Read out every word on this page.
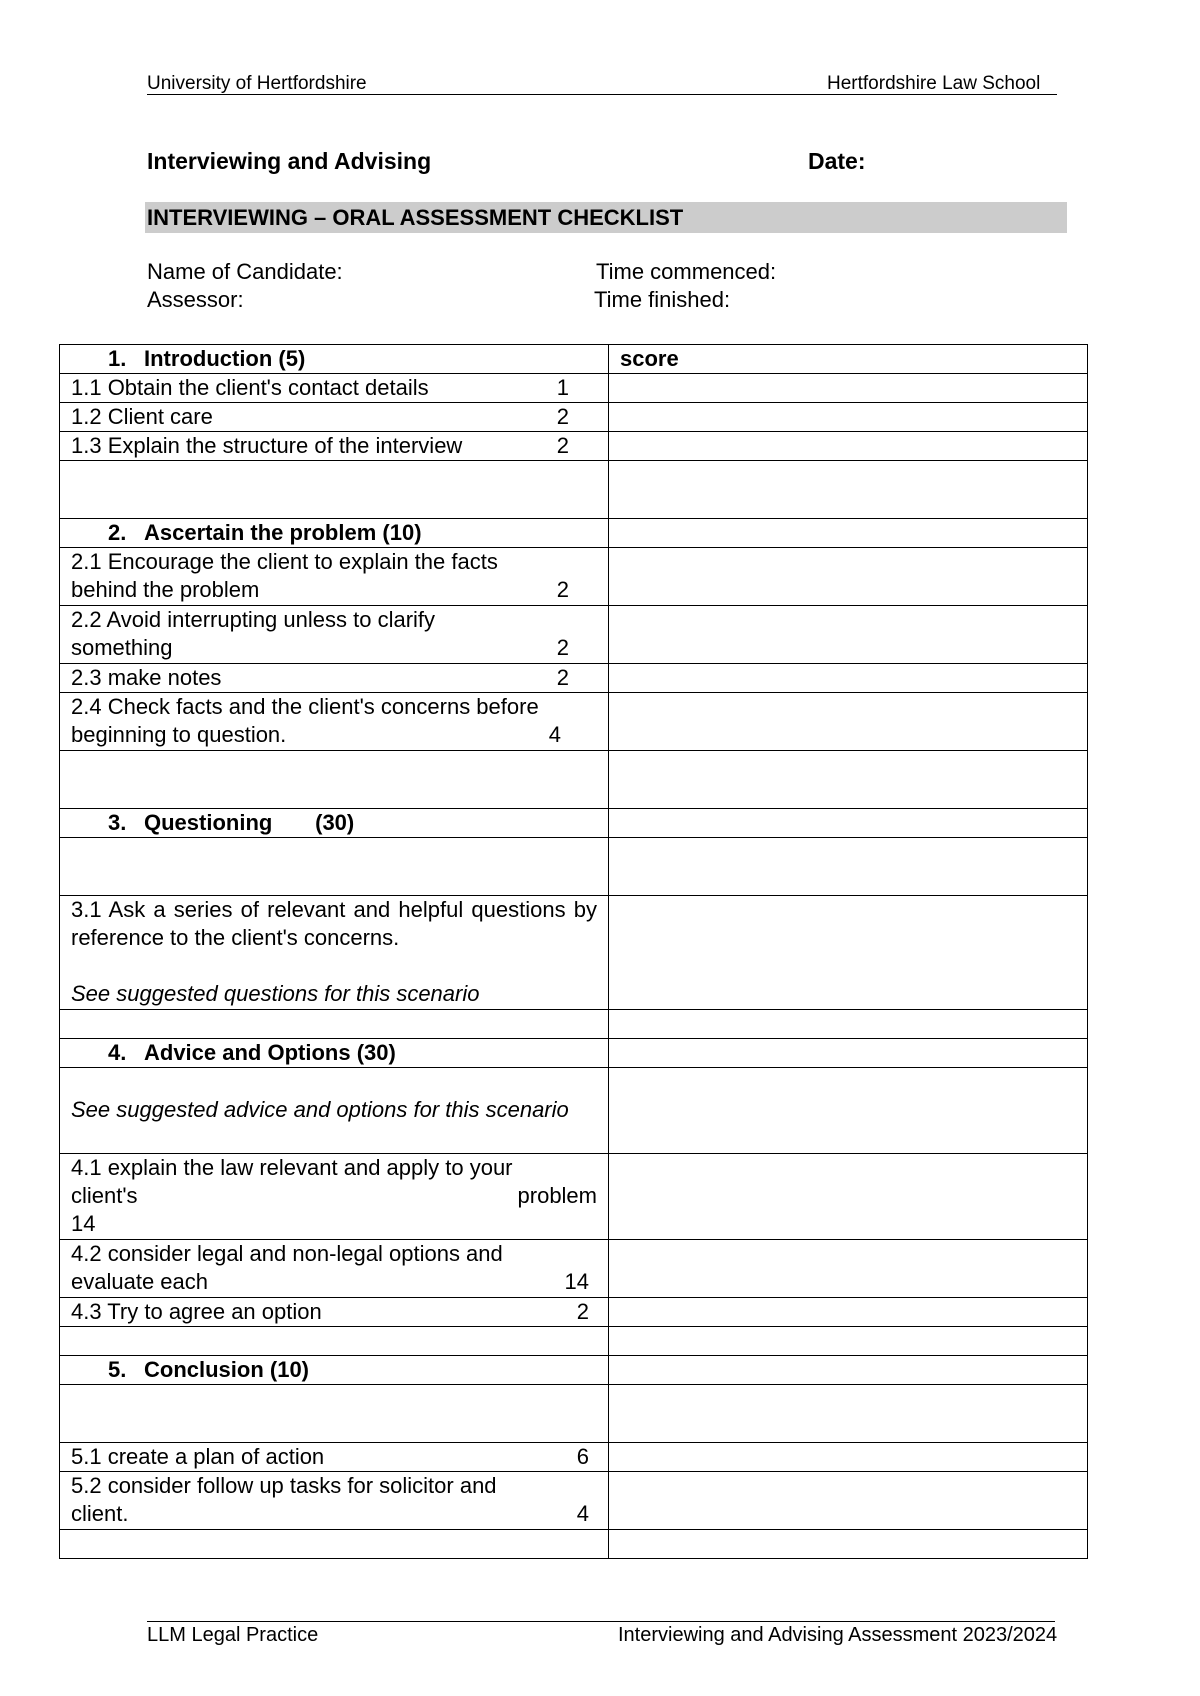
University of Hertfordshire	Hertfordshire Law School
Interviewing and Advising	Date:
INTERVIEWING – ORAL ASSESSMENT CHECKLIST
Name of Candidate:
Assessor:
Time commenced:
Time finished:
1. Introduction (5)	score

1.1 Obtain the client's contact details 1	

1.2 Client care 2	

1.3 Explain the structure of the interview 2	

2. Ascertain the problem (10)	

2.1 Encourage the client to explain the facts
behind the problem 2	

2.2 Avoid interrupting unless to clarify
something 2	

2.3 make notes 2	

2.4 Check facts and the client's concerns before
beginning to question. 4	

3. Questioning       (30)	

3.1 Ask a series of relevant and helpful questions by reference to the client's concerns.
See suggested questions for this scenario	

4. Advice and Options (30)	

See suggested advice and options for this scenario	

4.1 explain the law relevant and apply to your
client's problem
14	

4.2 consider legal and non-legal options and
evaluate each 14	

4.3 Try to agree an option 2	

5. Conclusion (10)	

5.1 create a plan of action 6	

5.2 consider follow up tasks for solicitor and
client. 4	

LLM Legal Practice	Interviewing and Advising Assessment 2023/2024
